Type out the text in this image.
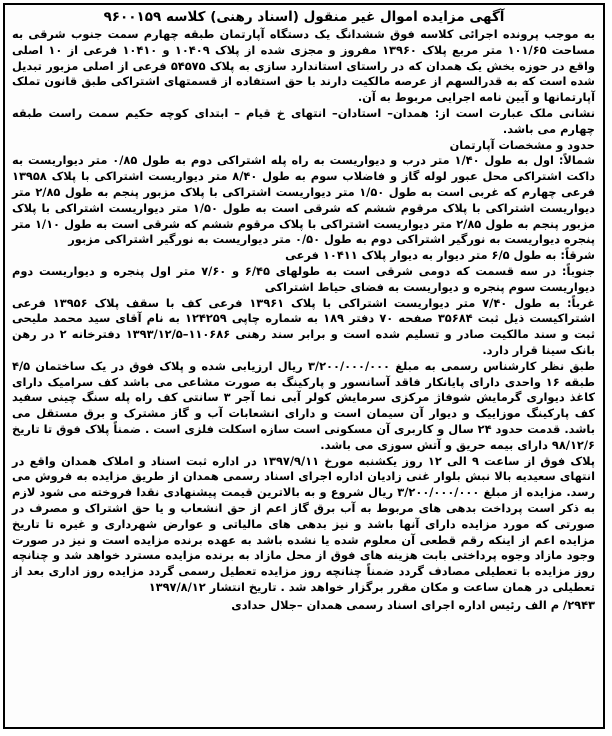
آگهی مزایده اموال غیر منقول (اسناد رهنی) کلاسه ۹۶۰۰۱۵۹

به موجب پرونده اجرائی کلاسه فوق ششدانگ یک دستگاه آپارتمان طبقه چهارم سمت جنوب شرقی به مساحت ۱۰۱/۶۵ متر مربع پلاک ۱۳۹۶۰ مفروز و مجزی شده از پلاک ۱۰۴۰۹ و ۱۰۴۱۰ فرعی از ۱۰ اصلی واقع در حوزه بخش یک همدان که در راستای استاندارد سازی به پلاک ۵۴۵۷۵ فرعی از اصلی مزبور تبدیل شده است که به قدرالسهم از عرصه مالکیت دارند با حق استفاده از قسمتهای اشتراکی طبق قانون تملک آپارتمانها و آیین نامه اجرایی مربوط به آن.

نشانی ملک عبارت است از: همدان– استادان– انتهای خ قیام – ابتدای کوچه حکیم سمت راست طبقه چهارم می باشد.

حدود و مشخصات آپارتمان

شمالاً: اول به طول ۱/۴۰ متر درب و دیواریست به راه پله اشتراکی دوم به طول ۰/۸۵ متر دیواریست به داکت اشتراکی محل عبور لوله گاز و فاضلاب سوم به طول ۸/۴۰ متر دیواریست اشتراکی با پلاک ۱۳۹۵۸ فرعی چهارم که غربی است به طول ۱/۵۰ متر دیواریست اشتراکی با پلاک مزبور پنجم به طول ۲/۸۵ متر دیواریست اشتراکی با پلاک مرقوم ششم که شرقی است به طول ۱/۵۰ متر دیواریست اشتراکی با پلاک مزبور پنجم به طول ۲/۸۵ متر دیواریست اشتراکی با پلاک مرقوم ششم که شرقی است به طول ۱/۱۰ متر پنجره دیواریست به نورگیر اشتراکی دوم به طول ۰/۵۰ متر دیواریست به نورگیر اشتراکی مزبور

شرقاً: به طول ۶/۵ متر دیوار به دیوار پلاک ۱۰۴۱۱ فرعی

جنوباً: در سه قسمت که دومی شرقی است به طولهای ۶/۴۵ و ۷/۶۰ متر اول پنجره و دیواریست دوم دیواریست سوم پنجره و دیواریست به فضای حیاط اشتراکی

غرباً: به طول ۷/۴۰ متر دیواریست اشتراکی با پلاک ۱۳۹۶۱ فرعی کف با سقف پلاک ۱۳۹۵۶ فرعی اشتراکیست ذیل ثبت ۳۵۶۸۴ صفحه ۷۰ دفتر ۱۸۹ به شماره چاپی ۱۲۴۲۵۹ به نام آقای سید محمد ملیحی ثبت و سند مالکیت صادر و تسلیم شده است و برابر سند رهنی ۱۱۰۶۸۶–۱۳۹۳/۱۲/۵ دفترخانه ۲ در رهن بانک سینا قرار دارد.

طبق نظر کارشناس رسمی به مبلغ ۳/۲۰۰/۰۰۰/۰۰۰ ریال ارزیابی شده و پلاک فوق در یک ساختمان ۴/۵ طبقه ۱۶ واحدی دارای پایانکار فاقد آسانسور و پارکینگ به صورت مشاعی می باشد کف سرامیک دارای کاغذ دیواری گرمایش شوفاژ مرکزی سرمایش کولر آبی نما آجر ۳ سانتی کف راه پله سنگ چینی سفید کف پارکینگ موزاییک و دیوار آن سیمان است و دارای انشعابات آب و گاز مشترک و برق مستقل می باشد. قدمت حدود ۲۴ سال و کاربری آن مسکونی است سازه اسکلت فلزی است . ضمناً پلاک فوق تا تاریخ ۹۸/۱۲/۶ دارای بیمه حریق و آتش سوزی می باشد.

پلاک فوق از ساعت ۹ الی ۱۲ روز یکشنبه مورخ ۱۳۹۷/۹/۱۱ در اداره ثبت اسناد و املاک همدان واقع در انتهای سعیدیه بالا نبش بلوار غنی زادیان اداره اجرای اسناد رسمی همدان از طریق مزایده به فروش می رسد. مزایده از مبلغ ۳/۲۰۰/۰۰۰/۰۰۰ ریال شروع و به بالاترین قیمت پیشنهادی نقدا فروخته می شود لازم به ذکر است پرداخت بدهی های مربوط به آب برق گاز اعم از حق انشعاب و یا حق اشتراک و مصرف در صورتی که مورد مزایده دارای آنها باشد و نیز بدهی های مالیاتی و عوارض شهرداری و غیره تا تاریخ مزایده اعم از اینکه رقم قطعی آن معلوم شده یا نشده باشد به عهده برنده مزایده است و نیز در صورت وجود مازاد وجوه پرداختی بابت هزینه های فوق از محل مازاد به برنده مزایده مسترد خواهد شد و چنانچه روز مزایده با تعطیلی مصادف گردد ضمناً چنانچه روز مزایده تعطیل رسمی گردد مزایده روز اداری بعد از تعطیلی در همان ساعت و مکان مقرر برگزار خواهد شد . تاریخ انتشار ۱۳۹۷/۸/۱۲

۲۹۴۳/ م الف رئیس اداره اجرای اسناد رسمی همدان –جلال حدادی
